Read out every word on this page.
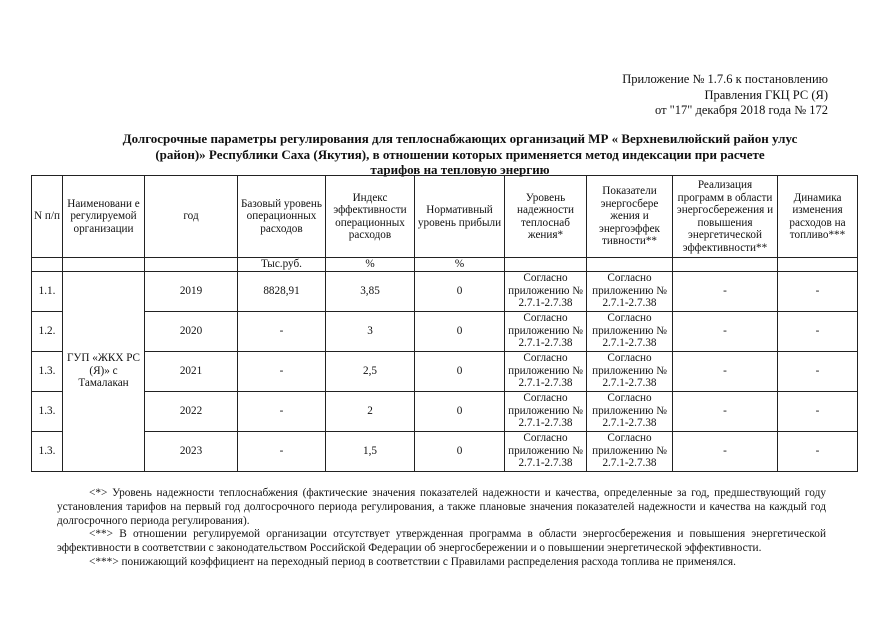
Приложение № 1.7.6 к постановлению
Правления ГКЦ РС (Я)
от "17" декабря 2018 года № 172
Долгосрочные параметры регулирования для теплоснабжающих организаций МР « Верхневилюйский район улус
(район)» Республики Саха (Якутия), в отношении которых применяется метод индексации при расчете
тарифов на тепловую энергию
N п/п	Наименовани е регулируемой организации	год	Базовый уровень операционных расходов	Индекс эффективности операционных расходов	Нормативный уровень прибыли	Уровень надежности теплоснаб жения*	Показатели энергосбере жения и энергоэффек тивности**	Реализация программ в области энергосбережения и повышения энергетической эффективности**	Динамика изменения расходов на топливо***
			Тыс.руб.	%	%				
1.1.	ГУП «ЖКХ РС (Я)» с Тамалакан	2019	8828,91	3,85	0	Согласно приложению № 2.7.1-2.7.38	Согласно приложению № 2.7.1-2.7.38	-	-
1.2.		2020	-	3	0	Согласно приложению № 2.7.1-2.7.38	Согласно приложению № 2.7.1-2.7.38	-	-
1.3.		2021	-	2,5	0	Согласно приложению № 2.7.1-2.7.38	Согласно приложению № 2.7.1-2.7.38	-	-
1.3.		2022	-	2	0	Согласно приложению № 2.7.1-2.7.38	Согласно приложению № 2.7.1-2.7.38	-	-
1.3.		2023	-	1,5	0	Согласно приложению № 2.7.1-2.7.38	Согласно приложению № 2.7.1-2.7.38	-	-

<*> Уровень надежности теплоснабжения (фактические значения показателей надежности и качества, определенные за год, предшествующий году установления тарифов на первый год долгосрочного периода регулирования, а также плановые значения показателей надежности и качества на каждый год долгосрочного периода регулирования).

<**> В отношении регулируемой организации отсутствует утвержденная программа в области энергосбережения и повышения энергетической эффективности в соответствии с законодательством Российской Федерации об энергосбережении и о повышении энергетической эффективности.

<***> понижающий коэффициент на переходный период в соответствии с Правилами распределения расхода топлива не применялся.
